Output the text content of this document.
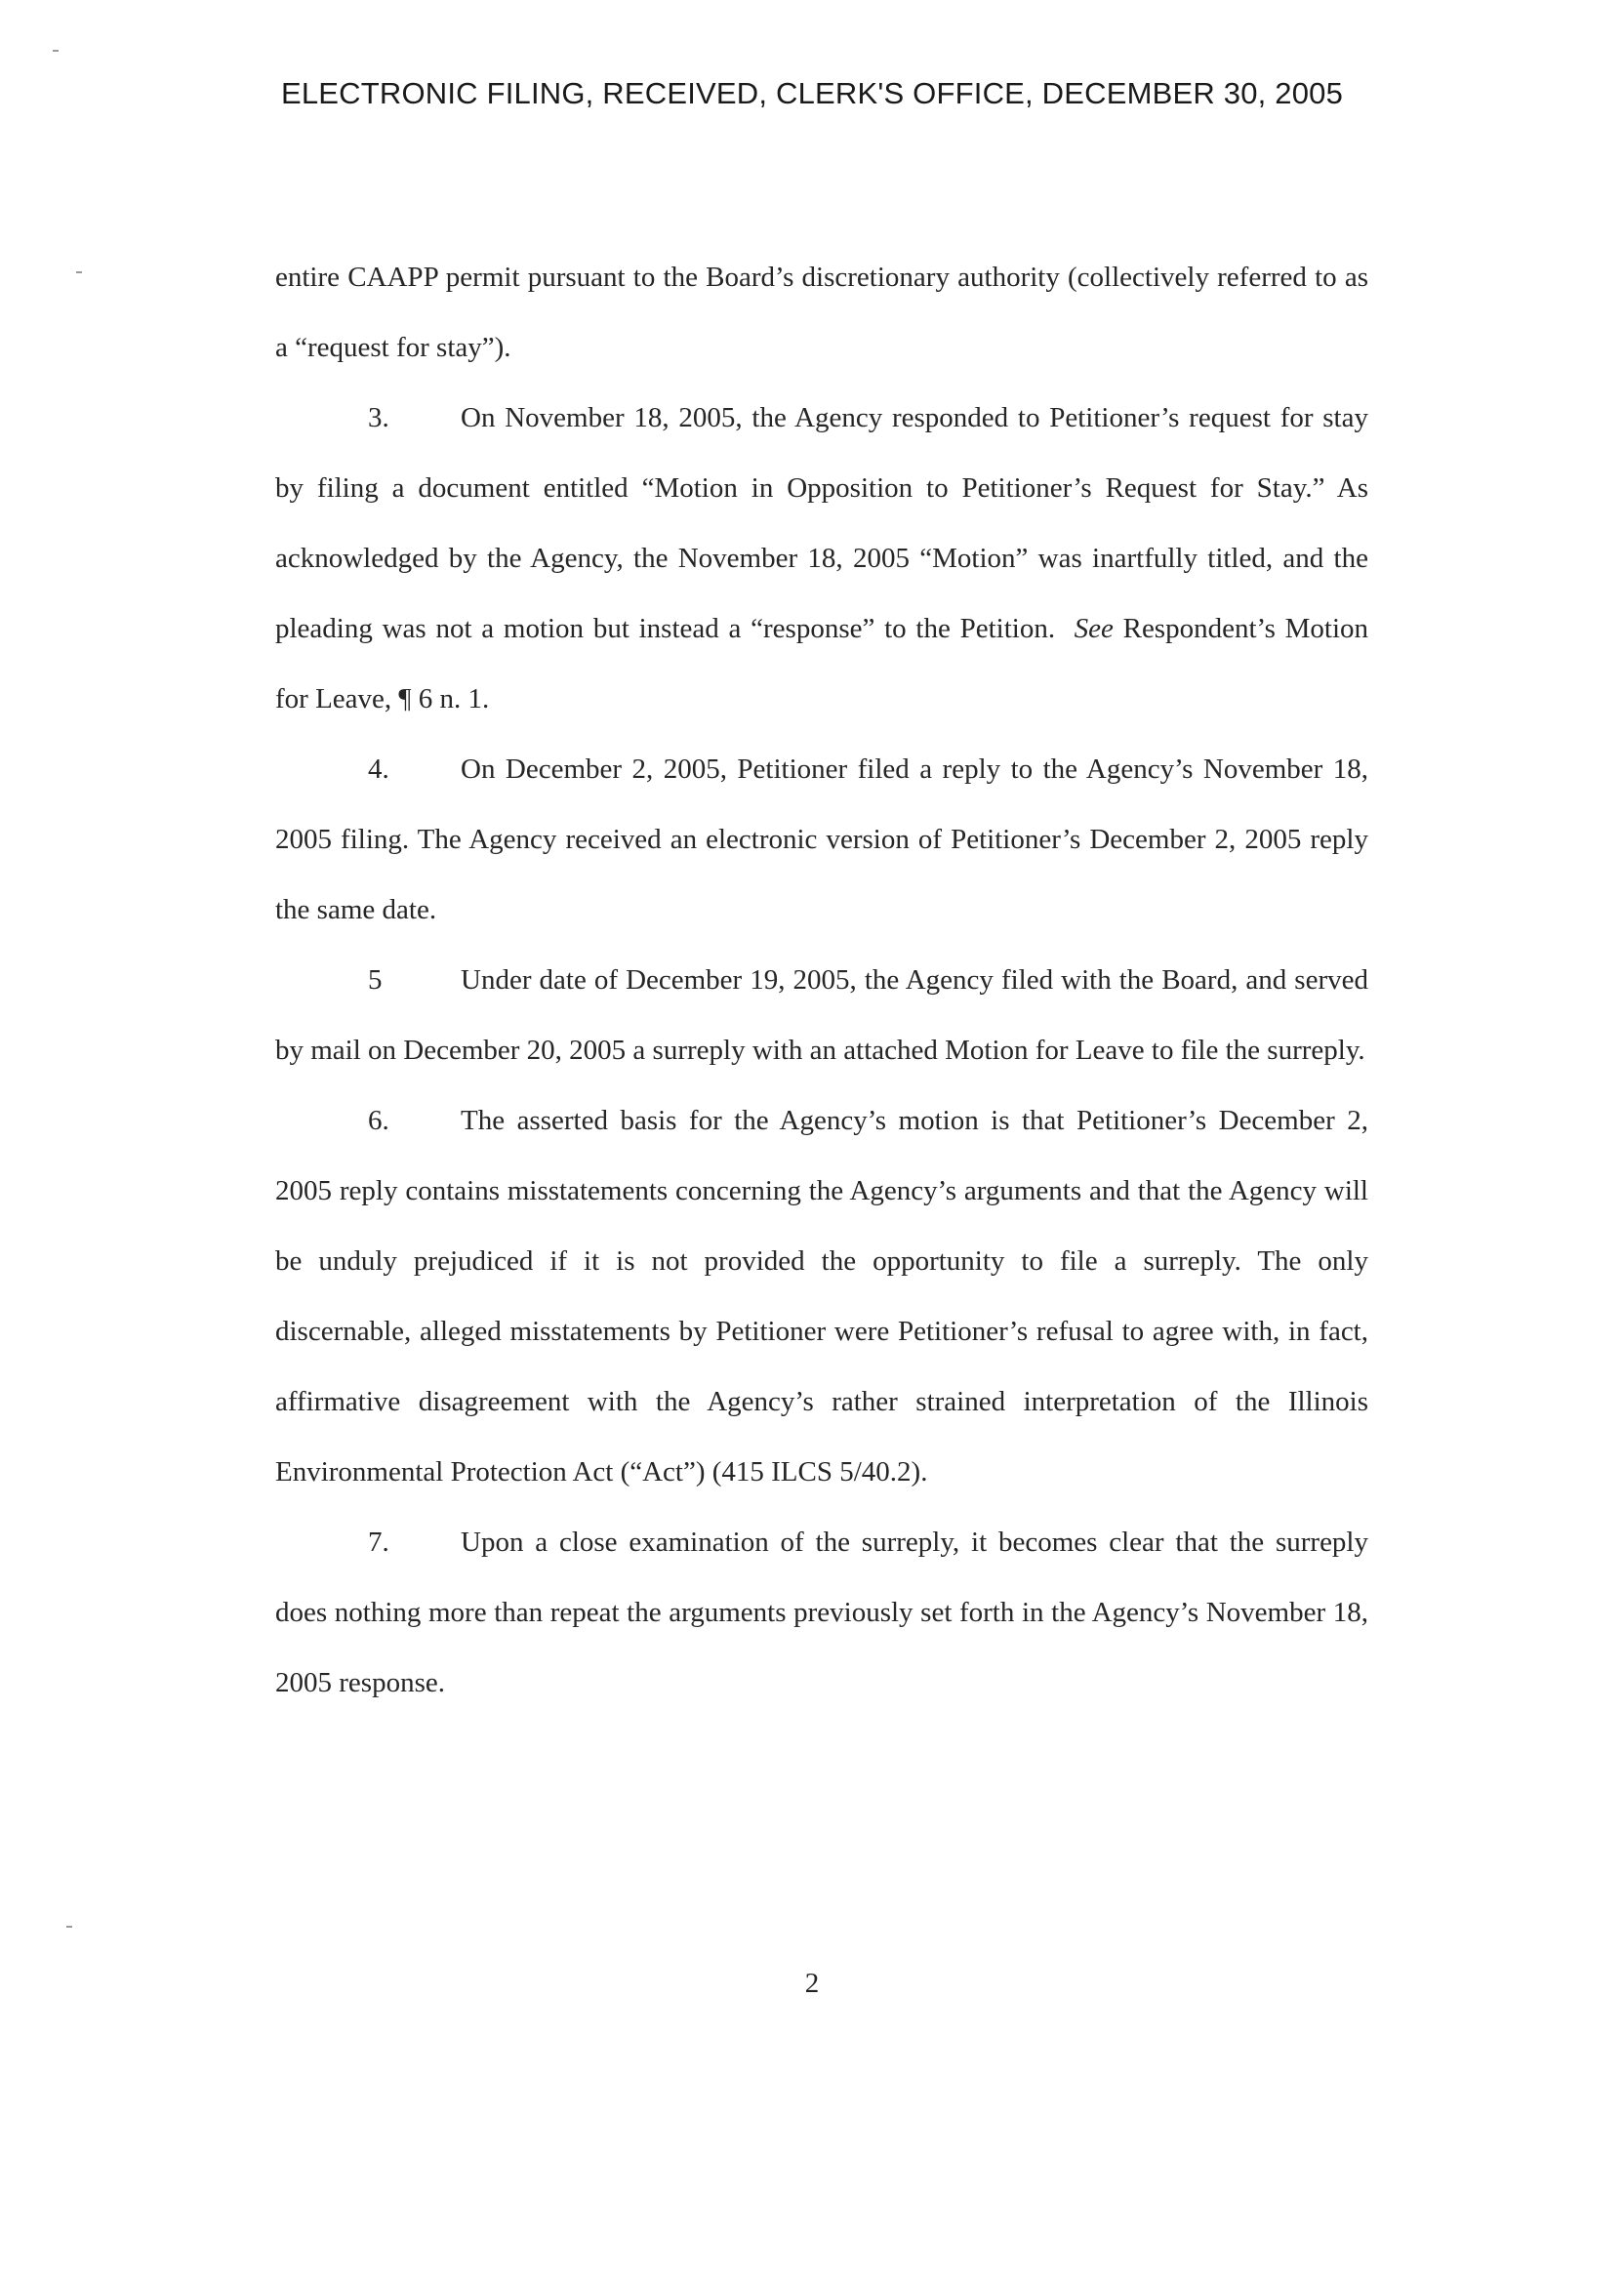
ELECTRONIC FILING, RECEIVED, CLERK'S OFFICE, DECEMBER 30, 2005

entire CAAPP permit pursuant to the Board’s discretionary authority (collectively referred to as a “request for stay”).

3.	On November 18, 2005, the Agency responded to Petitioner’s request for stay by filing a document entitled “Motion in Opposition to Petitioner’s Request for Stay.” As acknowledged by the Agency, the November 18, 2005 “Motion” was inartfully titled, and the pleading was not a motion but instead a “response” to the Petition. See Respondent’s Motion for Leave, ¶ 6 n. 1.

4.	On December 2, 2005, Petitioner filed a reply to the Agency’s November 18, 2005 filing. The Agency received an electronic version of Petitioner’s December 2, 2005 reply the same date.

5	Under date of December 19, 2005, the Agency filed with the Board, and served by mail on December 20, 2005 a surreply with an attached Motion for Leave to file the surreply.

6.	The asserted basis for the Agency’s motion is that Petitioner’s December 2, 2005 reply contains misstatements concerning the Agency’s arguments and that the Agency will be unduly prejudiced if it is not provided the opportunity to file a surreply. The only discernable, alleged misstatements by Petitioner were Petitioner’s refusal to agree with, in fact, affirmative disagreement with the Agency’s rather strained interpretation of the Illinois Environmental Protection Act (“Act”) (415 ILCS 5/40.2).

7.	Upon a close examination of the surreply, it becomes clear that the surreply does nothing more than repeat the arguments previously set forth in the Agency’s November 18, 2005 response.

2
